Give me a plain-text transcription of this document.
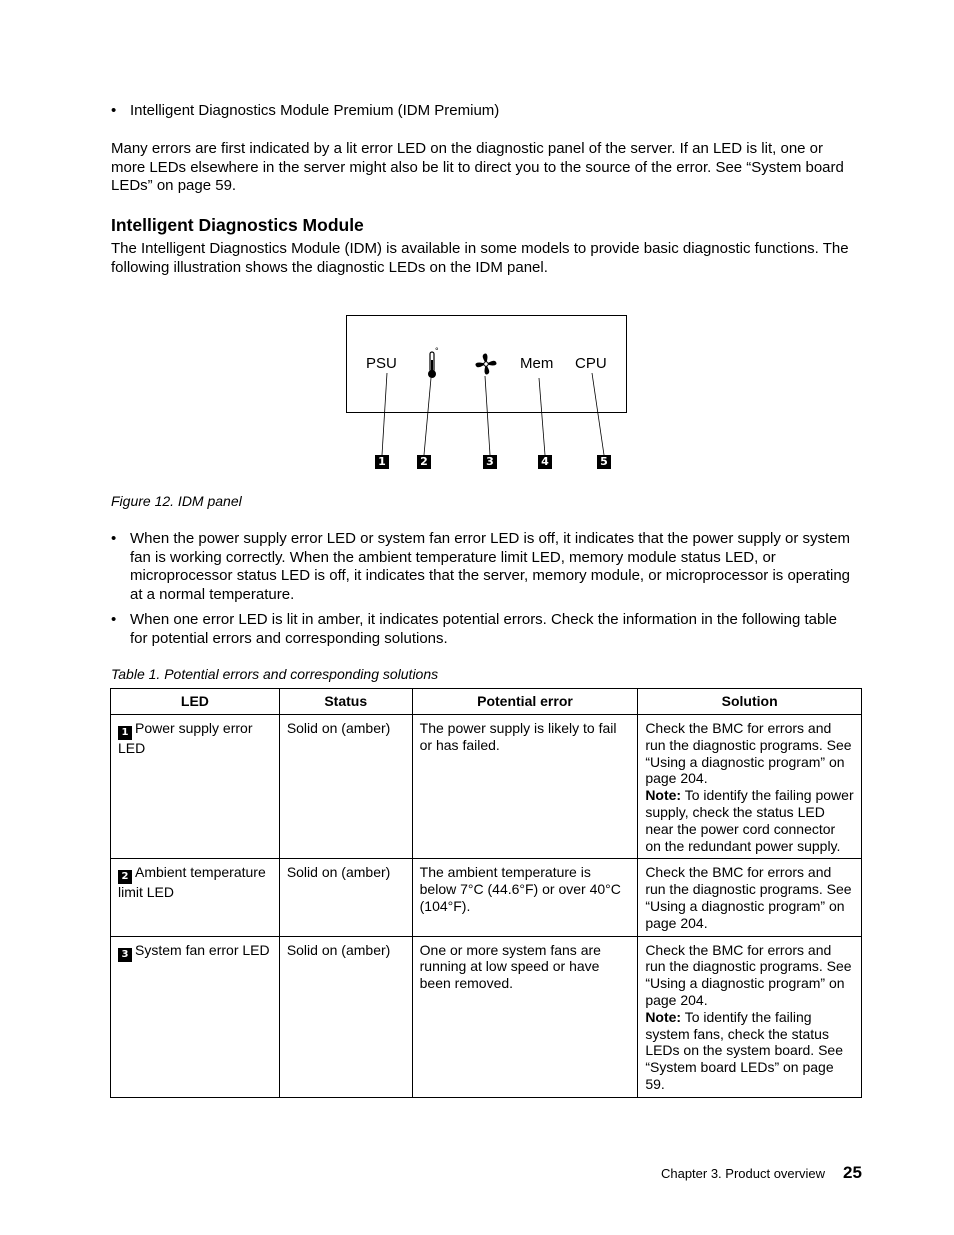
• Intelligent Diagnostics Module Premium (IDM Premium)

Many errors are first indicated by a lit error LED on the diagnostic panel of the server. If an LED is lit, one or more LEDs elsewhere in the server might also be lit to direct you to the source of the error. See “System board LEDs” on page 59.

Intelligent Diagnostics Module

The Intelligent Diagnostics Module (IDM) is available in some models to provide basic diagnostic functions. The following illustration shows the diagnostic LEDs on the IDM panel.

PSU	Mem CPU
°
1	2	3	4	5

Figure 12. IDM panel

• When the power supply error LED or system fan error LED is off, it indicates that the power supply or system fan is working correctly. When the ambient temperature limit LED, memory module status LED, or microprocessor status LED is off, it indicates that the server, memory module, or microprocessor is operating at a normal temperature.
• When one error LED is lit in amber, it indicates potential errors. Check the information in the following table for potential errors and corresponding solutions.

Table 1. Potential errors and corresponding solutions

LED	Status	Potential error	Solution
1 Power supply error LED	Solid on (amber)	The power supply is likely to fail or has failed.	Check the BMC for errors and run the diagnostic programs. See “Using a diagnostic program” on page 204.
Note: To identify the failing power supply, check the status LED near the power cord connector on the redundant power supply.
2 Ambient temperature limit LED	Solid on (amber)	The ambient temperature is below 7°C (44.6°F) or over 40°C (104°F).	Check the BMC for errors and run the diagnostic programs. See “Using a diagnostic program” on page 204.
3 System fan error LED	Solid on (amber)	One or more system fans are running at low speed or have been removed.	Check the BMC for errors and run the diagnostic programs. See “Using a diagnostic program” on page 204.
Note: To identify the failing system fans, check the status LEDs on the system board. See “System board LEDs” on page 59.
Chapter 3. Product overview 25
